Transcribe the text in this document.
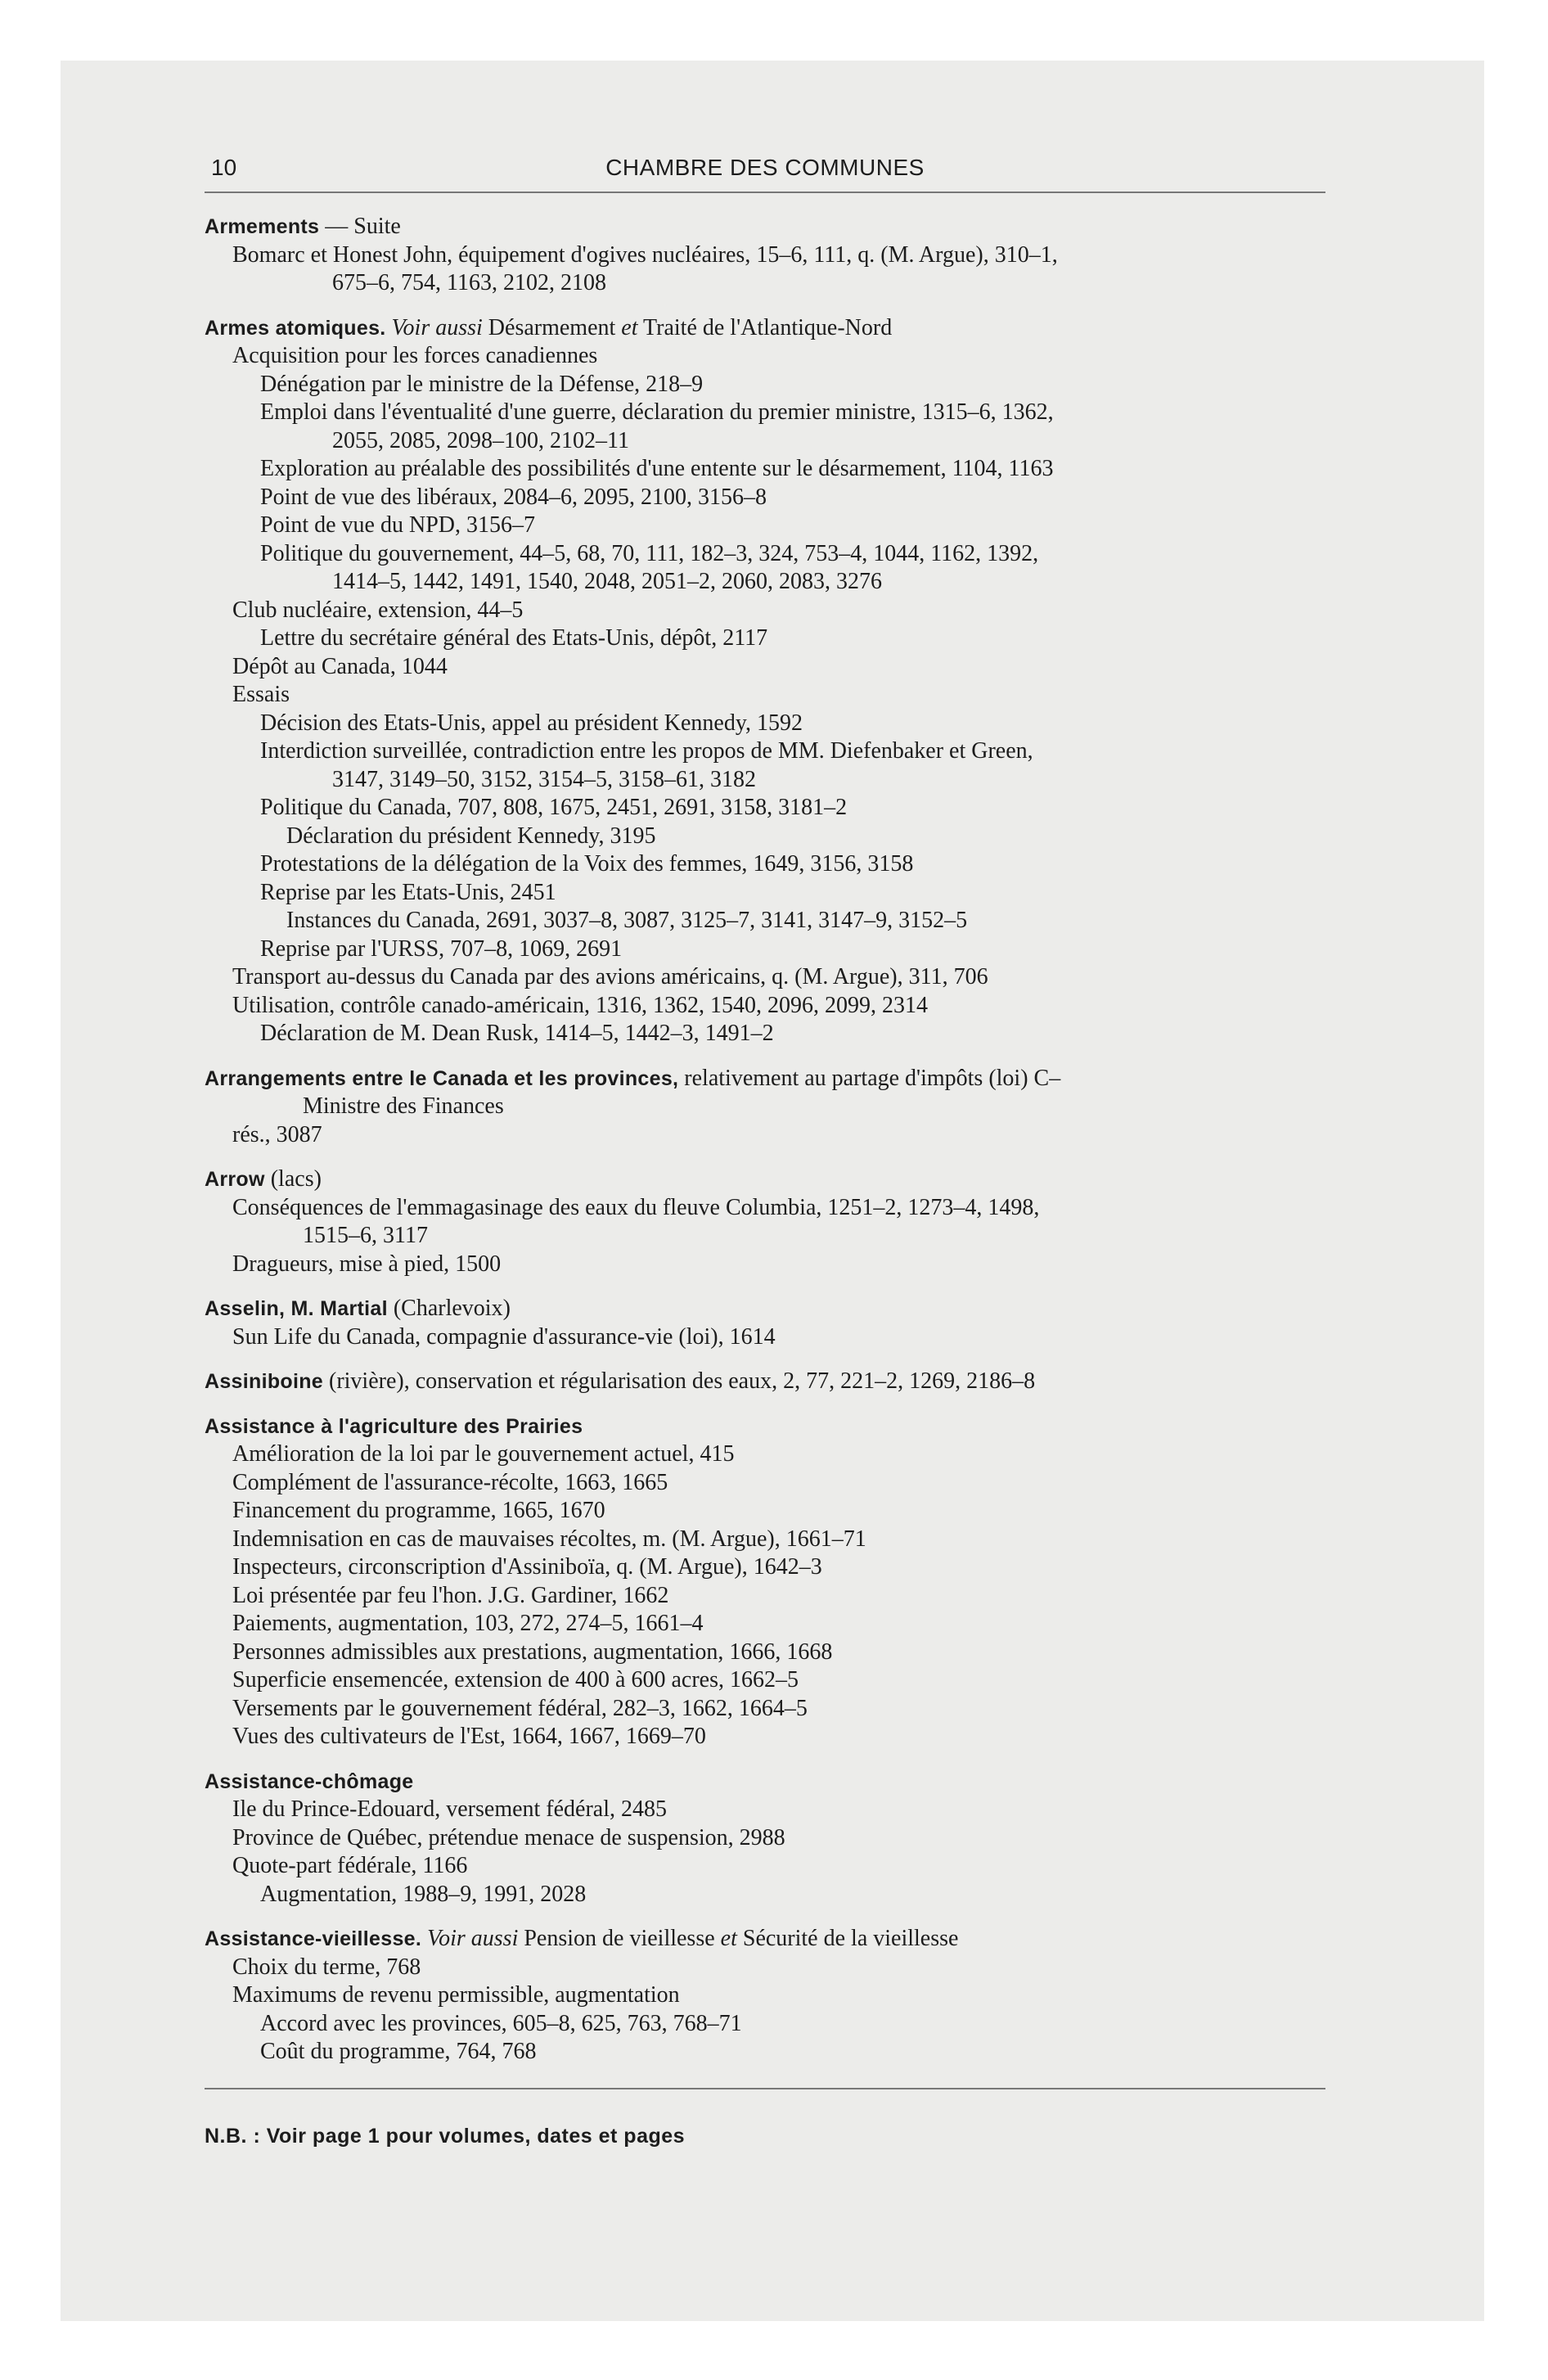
10	CHAMBRE DES COMMUNES
Armements — Suite
Bomarc et Honest John, équipement d'ogives nucléaires, 15–6, 111, q. (M. Argue), 310–1,
675–6, 754, 1163, 2102, 2108
Armes atomiques. Voir aussi Désarmement et Traité de l'Atlantique-Nord
Acquisition pour les forces canadiennes
Dénégation par le ministre de la Défense, 218–9
Emploi dans l'éventualité d'une guerre, déclaration du premier ministre, 1315–6, 1362,
2055, 2085, 2098–100, 2102–11
Exploration au préalable des possibilités d'une entente sur le désarmement, 1104, 1163
Point de vue des libéraux, 2084–6, 2095, 2100, 3156–8
Point de vue du NPD, 3156–7
Politique du gouvernement, 44–5, 68, 70, 111, 182–3, 324, 753–4, 1044, 1162, 1392,
1414–5, 1442, 1491, 1540, 2048, 2051–2, 2060, 2083, 3276
Club nucléaire, extension, 44–5
Lettre du secrétaire général des Etats-Unis, dépôt, 2117
Dépôt au Canada, 1044
Essais
Décision des Etats-Unis, appel au président Kennedy, 1592
Interdiction surveillée, contradiction entre les propos de MM. Diefenbaker et Green,
3147, 3149–50, 3152, 3154–5, 3158–61, 3182
Politique du Canada, 707, 808, 1675, 2451, 2691, 3158, 3181–2
Déclaration du président Kennedy, 3195
Protestations de la délégation de la Voix des femmes, 1649, 3156, 3158
Reprise par les Etats-Unis, 2451
Instances du Canada, 2691, 3037–8, 3087, 3125–7, 3141, 3147–9, 3152–5
Reprise par l'URSS, 707–8, 1069, 2691
Transport au-dessus du Canada par des avions américains, q. (M. Argue), 311, 706
Utilisation, contrôle canado-américain, 1316, 1362, 1540, 2096, 2099, 2314
Déclaration de M. Dean Rusk, 1414–5, 1442–3, 1491–2
Arrangements entre le Canada et les provinces, relativement au partage d'impôts (loi) C–
Ministre des Finances
rés., 3087
Arrow (lacs)
Conséquences de l'emmagasinage des eaux du fleuve Columbia, 1251–2, 1273–4, 1498,
1515–6, 3117
Dragueurs, mise à pied, 1500
Asselin, M. Martial (Charlevoix)
Sun Life du Canada, compagnie d'assurance-vie (loi), 1614
Assiniboine (rivière), conservation et régularisation des eaux, 2, 77, 221–2, 1269, 2186–8
Assistance à l'agriculture des Prairies
Amélioration de la loi par le gouvernement actuel, 415
Complément de l'assurance-récolte, 1663, 1665
Financement du programme, 1665, 1670
Indemnisation en cas de mauvaises récoltes, m. (M. Argue), 1661–71
Inspecteurs, circonscription d'Assiniboïa, q. (M. Argue), 1642–3
Loi présentée par feu l'hon. J.G. Gardiner, 1662
Paiements, augmentation, 103, 272, 274–5, 1661–4
Personnes admissibles aux prestations, augmentation, 1666, 1668
Superficie ensemencée, extension de 400 à 600 acres, 1662–5
Versements par le gouvernement fédéral, 282–3, 1662, 1664–5
Vues des cultivateurs de l'Est, 1664, 1667, 1669–70
Assistance-chômage
Ile du Prince-Edouard, versement fédéral, 2485
Province de Québec, prétendue menace de suspension, 2988
Quote-part fédérale, 1166
Augmentation, 1988–9, 1991, 2028
Assistance-vieillesse. Voir aussi Pension de vieillesse et Sécurité de la vieillesse
Choix du terme, 768
Maximums de revenu permissible, augmentation
Accord avec les provinces, 605–8, 625, 763, 768–71
Coût du programme, 764, 768
N.B. : Voir page 1 pour volumes, dates et pages
